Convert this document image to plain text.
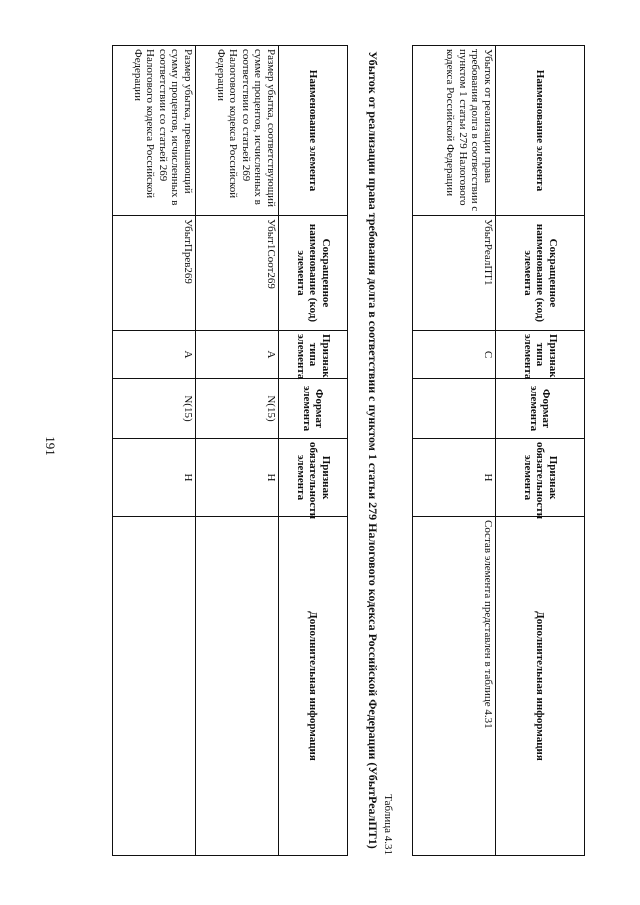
191
Наименование элемента	Сокращенное наименование (код) элемента	Признак типа элемента	Формат элемента	Признак обязательности элемента	Дополнительная информация
Убыток от реализации права требования долга в соответствии с пунктом 1 статьи 279 Налогового кодекса Российской Федерации	УбытРеалПТ1	С		Н	Состав элемента представлен в таблице 4.31
Таблица 4.31
Убыток от реализации права требования долга в соответствии с пунктом 1 статьи 279 Налогового кодекса Российской Федерации (УбытРеалПТ1)
Наименование элемента	Сокращенное наименование (код) элемента	Признак типа элемента	Формат элемента	Признак обязательности элемента	Дополнительная информация
Размер убытка, соответствующий сумме процентов, исчисленных в соответствии со статьей 269 Налогового кодекса Российской Федерации	Убыт1Соот269	А	N(15)	Н	
Размер убытка, превышающий сумму процентов, исчисленных в соответствии со статьей 269 Налогового кодекса Российской Федерации	УбытПрев269	А	N(15)	Н	
